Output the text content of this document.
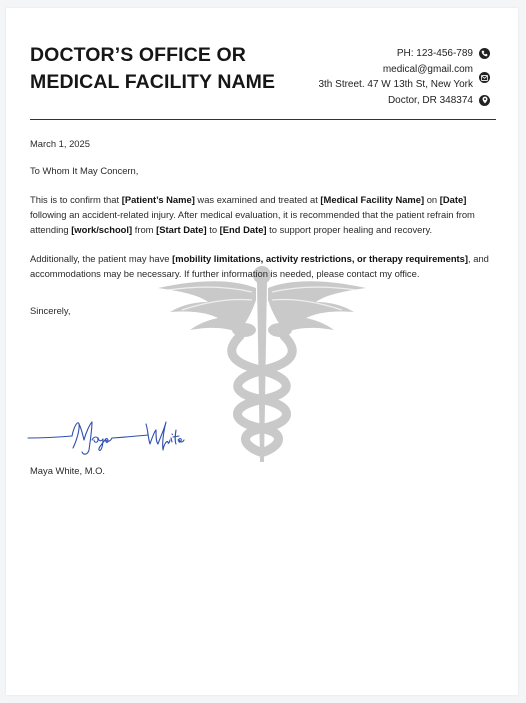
DOCTOR’S OFFICE OR
MEDICAL FACILITY NAME
PH: 123-456-789
medical@gmail.com
3th Street. 47 W 13th St, New York
Doctor, DR 348374

March 1, 2025

To Whom It May Concern,

This is to confirm that [Patient’s Name] was examined and treated at [Medical Facility Name] on [Date] following an accident-related injury. After medical evaluation, it is recommended that the patient refrain from attending [work/school] from [Start Date] to [End Date] to support proper healing and recovery.

Additionally, the patient may have [mobility limitations, activity restrictions, or therapy requirements], and accommodations may be necessary. If further information is needed, please contact my office.

Sincerely,

Maya White, M.O.
